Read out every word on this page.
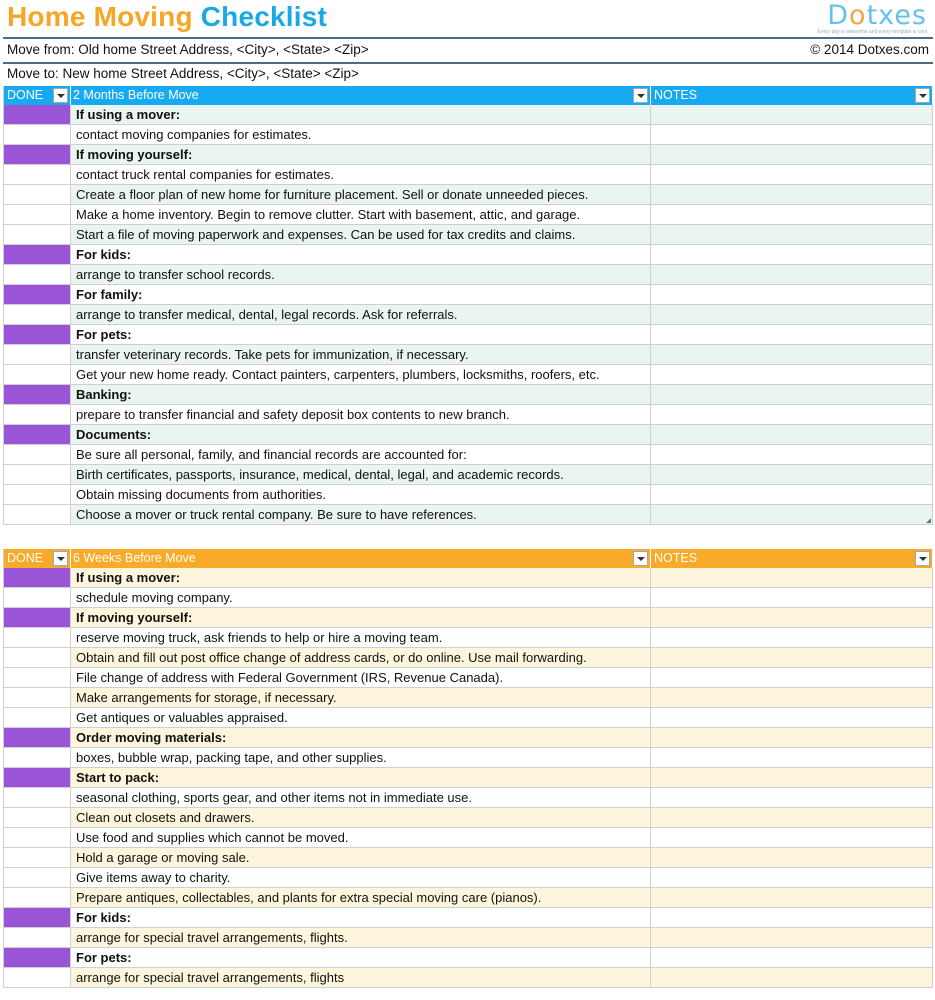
Home Moving Checklist	Dotxes
Every day is awesome and every template is cool
Move from: Old home Street Address, <City>, <State> <Zip>	© 2014 Dotxes.com
Move to: New home Street Address, <City>, <State> <Zip>
DONE	2 Months Before Move	NOTES
If using a mover:
contact moving companies for estimates.
If moving yourself:
contact truck rental companies for estimates.
Create a floor plan of new home for furniture placement. Sell or donate unneeded pieces.
Make a home inventory. Begin to remove clutter. Start with basement, attic, and garage.
Start a file of moving paperwork and expenses. Can be used for tax credits and claims.
For kids:
arrange to transfer school records.
For family:
arrange to transfer medical, dental, legal records. Ask for referrals.
For pets:
transfer veterinary records. Take pets for immunization, if necessary.
Get your new home ready. Contact painters, carpenters, plumbers, locksmiths, roofers, etc.
Banking:
prepare to transfer financial and safety deposit box contents to new branch.
Documents:
Be sure all personal, family, and financial records are accounted for:
Birth certificates, passports, insurance, medical, dental, legal, and academic records.
Obtain missing documents from authorities.
Choose a mover or truck rental company. Be sure to have references.
DONE	6 Weeks Before Move	NOTES
If using a mover:
schedule moving company.
If moving yourself:
reserve moving truck, ask friends to help or hire a moving team.
Obtain and fill out post office change of address cards, or do online. Use mail forwarding.
File change of address with Federal Government (IRS, Revenue Canada).
Make arrangements for storage, if necessary.
Get antiques or valuables appraised.
Order moving materials:
boxes, bubble wrap, packing tape, and other supplies.
Start to pack:
seasonal clothing, sports gear, and other items not in immediate use.
Clean out closets and drawers.
Use food and supplies which cannot be moved.
Hold a garage or moving sale.
Give items away to charity.
Prepare antiques, collectables, and plants for extra special moving care (pianos).
For kids:
arrange for special travel arrangements, flights.
For pets:
arrange for special travel arrangements, flights
